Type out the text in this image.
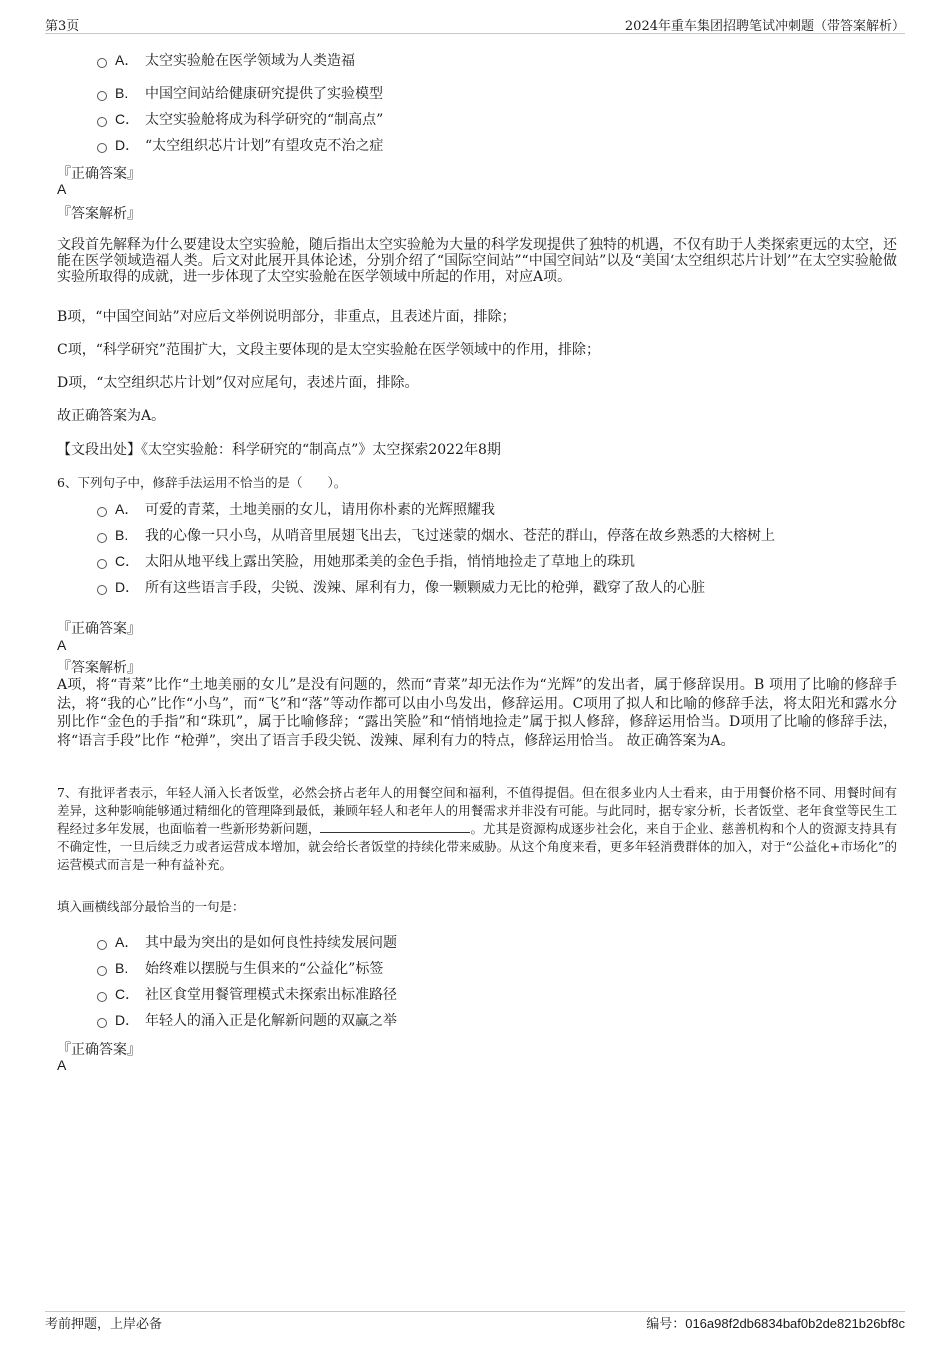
第3页	2024年重车集团招聘笔试冲刺题（带答案解析）
A． 太空实验舱在医学领域为人类造福
B. 中国空间站给健康研究提供了实验模型
C． 太空实验舱将成为科学研究的“制高点”
D． “太空组织芯片计划”有望攻克不治之症
『正确答案』
A
『答案解析』
文段首先解释为什么要建设太空实验舱，随后指出太空实验舱为大量的科学发现提供了独特的机遇，不仅有助于人类探索更远的太空，还能在医学领域造福人类。后文对此展开具体论述，分别介绍了“国际空间站”“中国空间站”以及“美国‘太空组织芯片计划’”在太空实验舱做实验所取得的成就，进一步体现了太空实验舱在医学领域中所起的作用，对应A项。
B项，“中国空间站”对应后文举例说明部分，非重点，且表述片面，排除；
C项，“科学研究”范围扩大，文段主要体现的是太空实验舱在医学领域中的作用，排除；
D项，“太空组织芯片计划”仅对应尾句，表述片面，排除。
故正确答案为A。
【文段出处】《太空实验舱：科学研究的“制高点”》太空探索2022年8期
6、下列句子中，修辞手法运用不恰当的是（　　）。
A． 可爱的青菜，土地美丽的女儿，请用你朴素的光辉照耀我
B. 我的心像一只小鸟，从哨音里展翅飞出去，飞过迷蒙的烟水、苍茫的群山，停落在故乡熟悉的大榕树上
C． 太阳从地平线上露出笑脸，用她那柔美的金色手指，悄悄地捡走了草地上的珠玑
D． 所有这些语言手段，尖锐、泼辣、犀利有力，像一颗颗威力无比的枪弹，戳穿了敌人的心脏
『正确答案』
A
『答案解析』
A项，将“青菜”比作“土地美丽的女儿”是没有问题的，然而“青菜”却无法作为“光辉”的发出者，属于修辞误用。B 项用了比喻的修辞手法，将“我的心”比作“小鸟”，而“飞”和“落”等动作都可以由小鸟发出，修辞运用。C项用了拟人和比喻的修辞手法，将太阳光和露水分 别比作“金色的手指”和“珠玑”，属于比喻修辞；“露出笑脸”和“悄悄地捡走”属于拟人修辞，修辞运用恰当。D项用了比喻的修辞手法，将“语言手段”比作 “枪弹”，突出了语言手段尖锐、泼辣、犀利有力的特点，修辞运用恰当。 故正确答案为A。
7、有批评者表示，年轻人涌入长者饭堂，必然会挤占老年人的用餐空间和福利，不值得提倡。但在很多业内人士看来，由于用餐价格不同、用餐时间有差异，这种影响能够通过精细化的管理降到最低，兼顾年轻人和老年人的用餐需求并非没有可能。与此同时，据专家分析，长者饭堂、老年食堂等民生工程经过多年发展，也面临着一些新形势新问题，	。尤其是资源构成逐步社会化，来自于企业、慈善机构和个人的资源支持具有不确定性，一旦后续乏力或者运营成本增加，就会给长者饭堂的持续化带来威胁。从这个角度来看，更多年轻消费群体的加入，对于“公益化+市场化”的运营模式而言是一种有益补充。
填入画横线部分最恰当的一句是：
A． 其中最为突出的是如何良性持续发展问题
B. 始终难以摆脱与生俱来的“公益化”标签
C． 社区食堂用餐管理模式未探索出标准路径
D． 年轻人的涌入正是化解新问题的双赢之举
『正确答案』
A
考前押题，上岸必备	编号：016a98f2db6834baf0b2de821b26bf8c
